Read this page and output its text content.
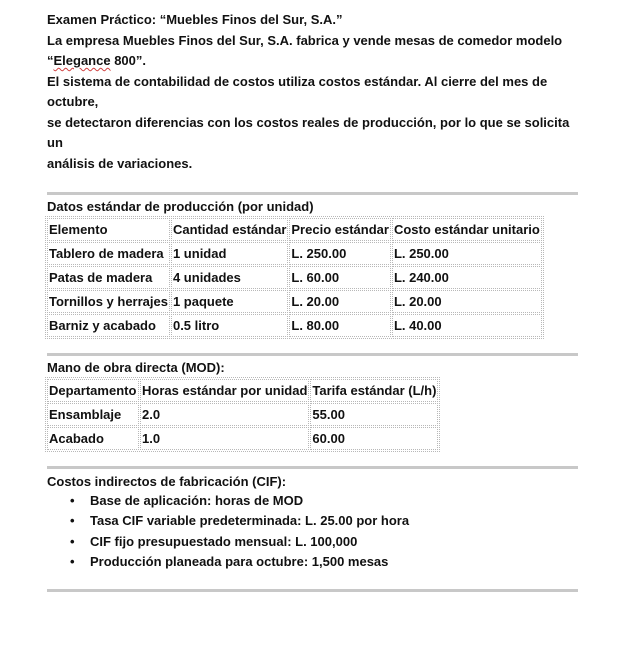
Examen Práctico: “Muebles Finos del Sur, S.A.”

La empresa Muebles Finos del Sur, S.A. fabrica y vende mesas de comedor modelo

“Elegance 800”.

El sistema de contabilidad de costos utiliza costos estándar. Al cierre del mes de octubre,

se detectaron diferencias con los costos reales de producción, por lo que se solicita un

análisis de variaciones.

Datos estándar de producción (por unidad)

Elemento	Cantidad estándar	Precio estándar	Costo estándar unitario
Tablero de madera	1 unidad	L. 250.00	L. 250.00
Patas de madera	4 unidades	L. 60.00	L. 240.00
Tornillos y herrajes	1 paquete	L. 20.00	L. 20.00
Barniz y acabado	0.5 litro	L. 80.00	L. 40.00

Mano de obra directa (MOD):

Departamento	Horas estándar por unidad	Tarifa estándar (L/h)
Ensamblaje	2.0	55.00
Acabado	1.0	60.00

Costos indirectos de fabricación (CIF):

• Base de aplicación: horas de MOD
• Tasa CIF variable predeterminada: L. 25.00 por hora
• CIF fijo presupuestado mensual: L. 100,000
• Producción planeada para octubre: 1,500 mesas
